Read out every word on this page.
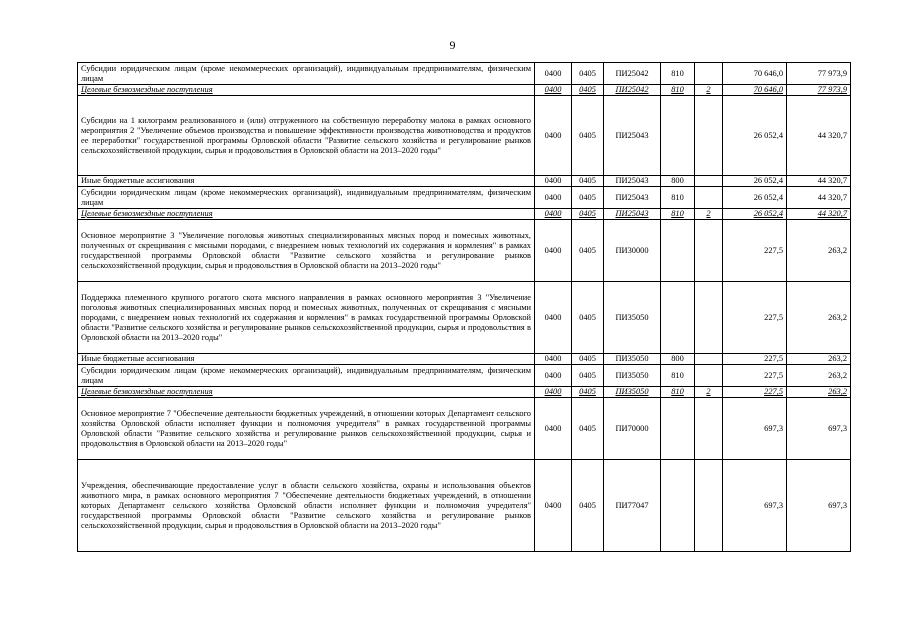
9
Субсидии юридическим лицам (кроме некоммерческих организаций), индивидуальным предпринимателям, физическим лицам	0400	0405	ПИ25042	810		70 646,0	77 973,9
Целевые безвозмездные поступления	0400	0405	ПИ25042	810	2	70 646,0	77 973,9
Субсидии на 1 килограмм реализованного и (или) отгруженного на собственную переработку молока в рамках основного мероприятия 2 "Увеличение объемов производства и повышение эффективности производства животноводства и продуктов ее переработки" государственной программы Орловской области "Развитие сельского хозяйства и регулирование рынков сельскохозяйственной продукции, сырья и продовольствия в Орловской области на 2013–2020 годы"	0400	0405	ПИ25043			26 052,4	44 320,7
Иные бюджетные ассигнования	0400	0405	ПИ25043	800		26 052,4	44 320,7
Субсидии юридическим лицам (кроме некоммерческих организаций), индивидуальным предпринимателям, физическим лицам	0400	0405	ПИ25043	810		26 052,4	44 320,7
Целевые безвозмездные поступления	0400	0405	ПИ25043	810	2	26 052,4	44 320,7
Основное мероприятие 3 "Увеличение поголовья животных специализированных мясных пород и помесных животных, полученных от скрещивания с мясными породами, с внедрением новых технологий их содержания и кормления" в рамках государственной программы Орловской области "Развитие сельского хозяйства и регулирование рынков сельскохозяйственной продукции, сырья и продовольствия в Орловской области на 2013–2020 годы"	0400	0405	ПИ30000			227,5	263,2
Поддержка племенного крупного рогатого скота мясного направления в рамках основного мероприятия 3 "Увеличение поголовья животных специализированных мясных пород и помесных животных, полученных от скрещивания с мясными породами, с внедрением новых технологий их содержания и кормления" в рамках государственной программы Орловской области "Развитие сельского хозяйства и регулирование рынков сельскохозяйственной продукции, сырья и продовольствия в Орловской области на 2013–2020 годы"	0400	0405	ПИ35050			227,5	263,2
Иные бюджетные ассигнования	0400	0405	ПИ35050	800		227,5	263,2
Субсидии юридическим лицам (кроме некоммерческих организаций), индивидуальным предпринимателям, физическим лицам	0400	0405	ПИ35050	810		227,5	263,2
Целевые безвозмездные поступления	0400	0405	ПИ35050	810	2	227,5	263,2
Основное мероприятие 7 "Обеспечение деятельности бюджетных учреждений, в отношении которых Департамент сельского хозяйства Орловской области исполняет функции и полномочия учредителя" в рамках государственной программы Орловской области "Развитие сельского хозяйства и регулирование рынков сельскохозяйственной продукции, сырья и продовольствия в Орловской области на 2013–2020 годы"	0400	0405	ПИ70000			697,3	697,3
Учреждения, обеспечивающие предоставление услуг в области сельского хозяйства, охраны и использования объектов животного мира, в рамках основного мероприятия 7 "Обеспечение деятельности бюджетных учреждений, в отношении которых Департамент сельского хозяйства Орловской области исполняет функции и полномочия учредителя" государственной программы Орловской области "Развитие сельского хозяйства и регулирование рынков сельскохозяйственной продукции, сырья и продовольствия в Орловской области на 2013–2020 годы"	0400	0405	ПИ77047			697,3	697,3
